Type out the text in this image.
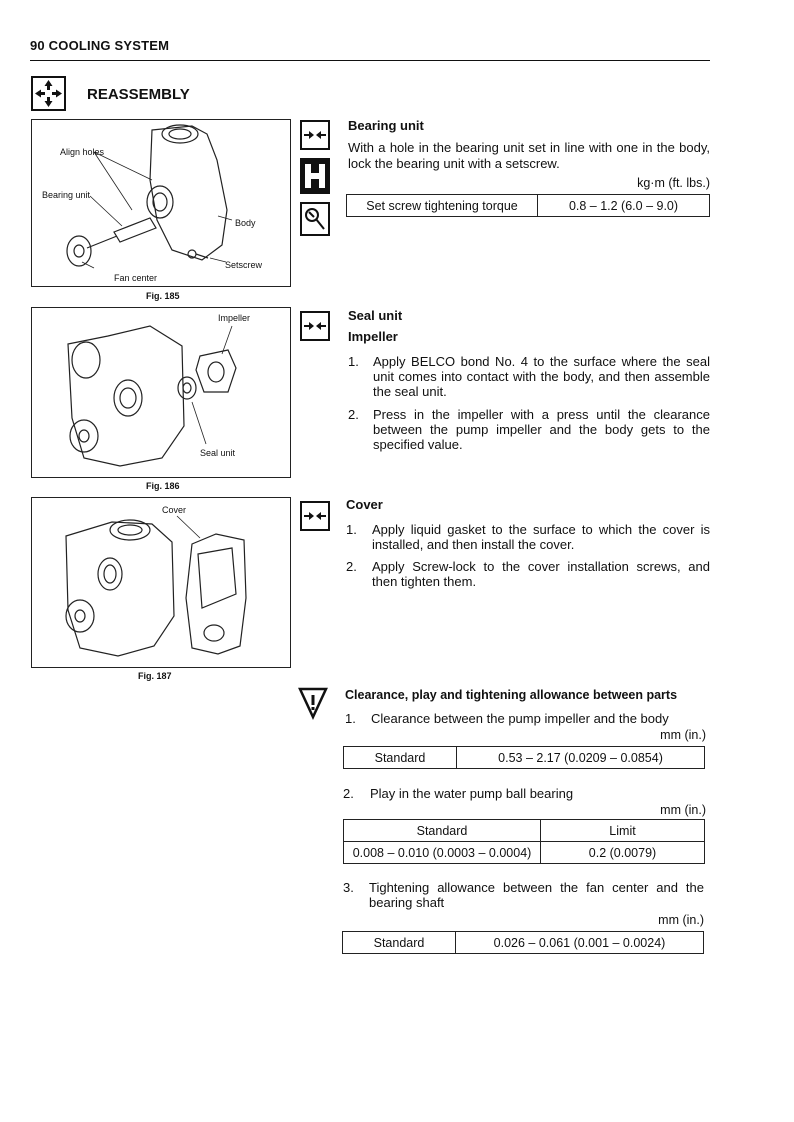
90 COOLING SYSTEM
REASSEMBLY
Align holes
Bearing unit
Body
Setscrew
Fan center
Fig. 185
Impeller
Seal unit
Fig. 186
Cover
Fig. 187
Bearing unit
With a hole in the bearing unit set in line with one in the body, lock the bearing unit with a setscrew.
kg·m (ft. lbs.)
Set screw tightening torque	0.8 – 1.2 (6.0 – 9.0)
Seal unit
Impeller
1. Apply BELCO bond No. 4 to the surface where the seal unit comes into contact with the body, and then assemble the seal unit.
2. Press in the impeller with a press until the clearance between the pump impeller and the body gets to the specified value.
Cover
1. Apply liquid gasket to the surface to which the cover is installed, and then install the cover.
2. Apply Screw-lock to the cover installation screws, and then tighten them.
Clearance, play and tightening allowance between parts
1. Clearance between the pump impeller and the body
mm (in.)
Standard	0.53 – 2.17 (0.0209 – 0.0854)
2. Play in the water pump ball bearing
mm (in.)
Standard	Limit
0.008 – 0.010 (0.0003 – 0.0004)	0.2 (0.0079)
3. Tightening allowance between the fan center and the bearing shaft
mm (in.)
Standard	0.026 – 0.061 (0.001 – 0.0024)
